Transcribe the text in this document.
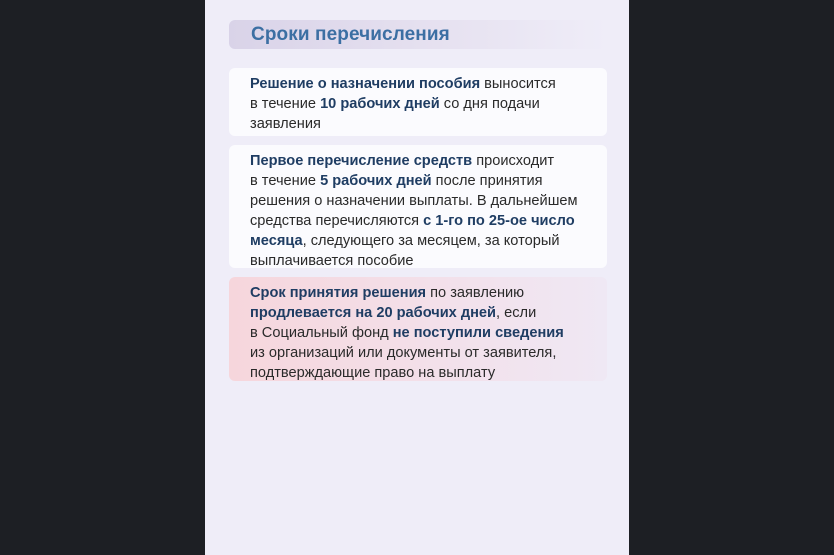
Сроки перечисления
Решение о назначении пособия выносится
в течение 10 рабочих дней со дня подачи
заявления
Первое перечисление средств происходит
в течение 5 рабочих дней после принятия
решения о назначении выплаты. В дальнейшем
средства перечисляются с 1-го по 25-ое число
месяца, следующего за месяцем, за который
выплачивается пособие
Срок принятия решения по заявлению
продлевается на 20 рабочих дней, если
в Социальный фонд не поступили сведения
из организаций или документы от заявителя,
подтверждающие право на выплату
